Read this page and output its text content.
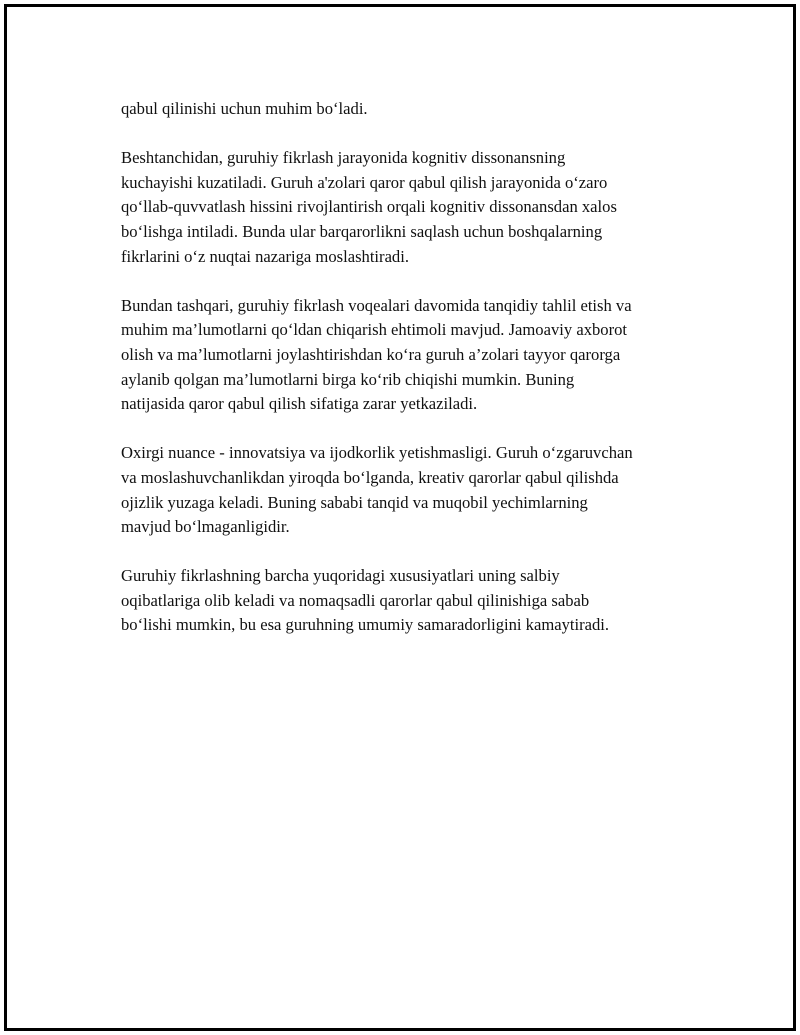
qabul qilinishi uchun muhim bo‘ladi.

Beshtanchidan, guruhiy fikrlash jarayonida kognitiv dissonansning
kuchayishi kuzatiladi. Guruh a'zolari qaror qabul qilish jarayonida o‘zaro
qo‘llab-quvvatlash hissini rivojlantirish orqali kognitiv dissonansdan xalos
bo‘lishga intiladi. Bunda ular barqarorlikni saqlash uchun boshqalarning
fikrlarini o‘z nuqtai nazariga moslashtiradi.

Bundan tashqari, guruhiy fikrlash voqealari davomida tanqidiy tahlil etish va
muhim ma’lumotlarni qo‘ldan chiqarish ehtimoli mavjud. Jamoaviy axborot
olish va ma’lumotlarni joylashtirishdan ko‘ra guruh a’zolari tayyor qarorga
aylanib qolgan ma’lumotlarni birga ko‘rib chiqishi mumkin. Buning
natijasida qaror qabul qilish sifatiga zarar yetkaziladi.

Oxirgi nuance - innovatsiya va ijodkorlik yetishmasligi. Guruh o‘zgaruvchan
va moslashuvchanlikdan yiroqda bo‘lganda, kreativ qarorlar qabul qilishda
ojizlik yuzaga keladi. Buning sababi tanqid va muqobil yechimlarning
mavjud bo‘lmaganligidir.

Guruhiy fikrlashning barcha yuqoridagi xususiyatlari uning salbiy
oqibatlariga olib keladi va nomaqsadli qarorlar qabul qilinishiga sabab
bo‘lishi mumkin, bu esa guruhning umumiy samaradorligini kamaytiradi.
